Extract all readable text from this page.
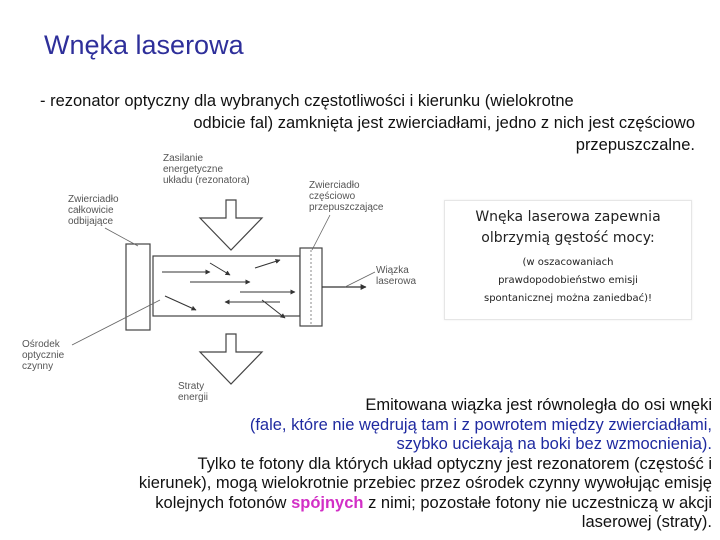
Wnęka laserowa

- rezonator optyczny dla wybranych częstotliwości i kierunku (wielokrotne
odbicie fal) zamknięta jest zwierciadłami, jedno z nich jest częściowo
przepuszczalne.

Zasilanie energetyczne układu (rezonatora)
Zwierciadło całkowicie odbijające
Zwierciadło częściowo przepuszczające
Wiązka laserowa
Ośrodek optycznie czynny
Straty energii
Wnęka laserowa zapewnia
olbrzymią gęstość mocy:
(w oszacowaniach
prawdopodobieństwo emisji
spontanicznej można zaniedbać)!

Emitowana wiązka jest równoległa do osi wnęki
(fale, które nie wędrują tam i z powrotem między zwierciadłami,
szybko uciekają na boki bez wzmocnienia).
Tylko te fotony dla których układ optyczny jest rezonatorem (częstość i
kierunek), mogą wielokrotnie przebiec przez ośrodek czynny wywołując emisję
kolejnych fotonów spójnych z nimi; pozostałe fotony nie uczestniczą w akcji
laserowej (straty).
